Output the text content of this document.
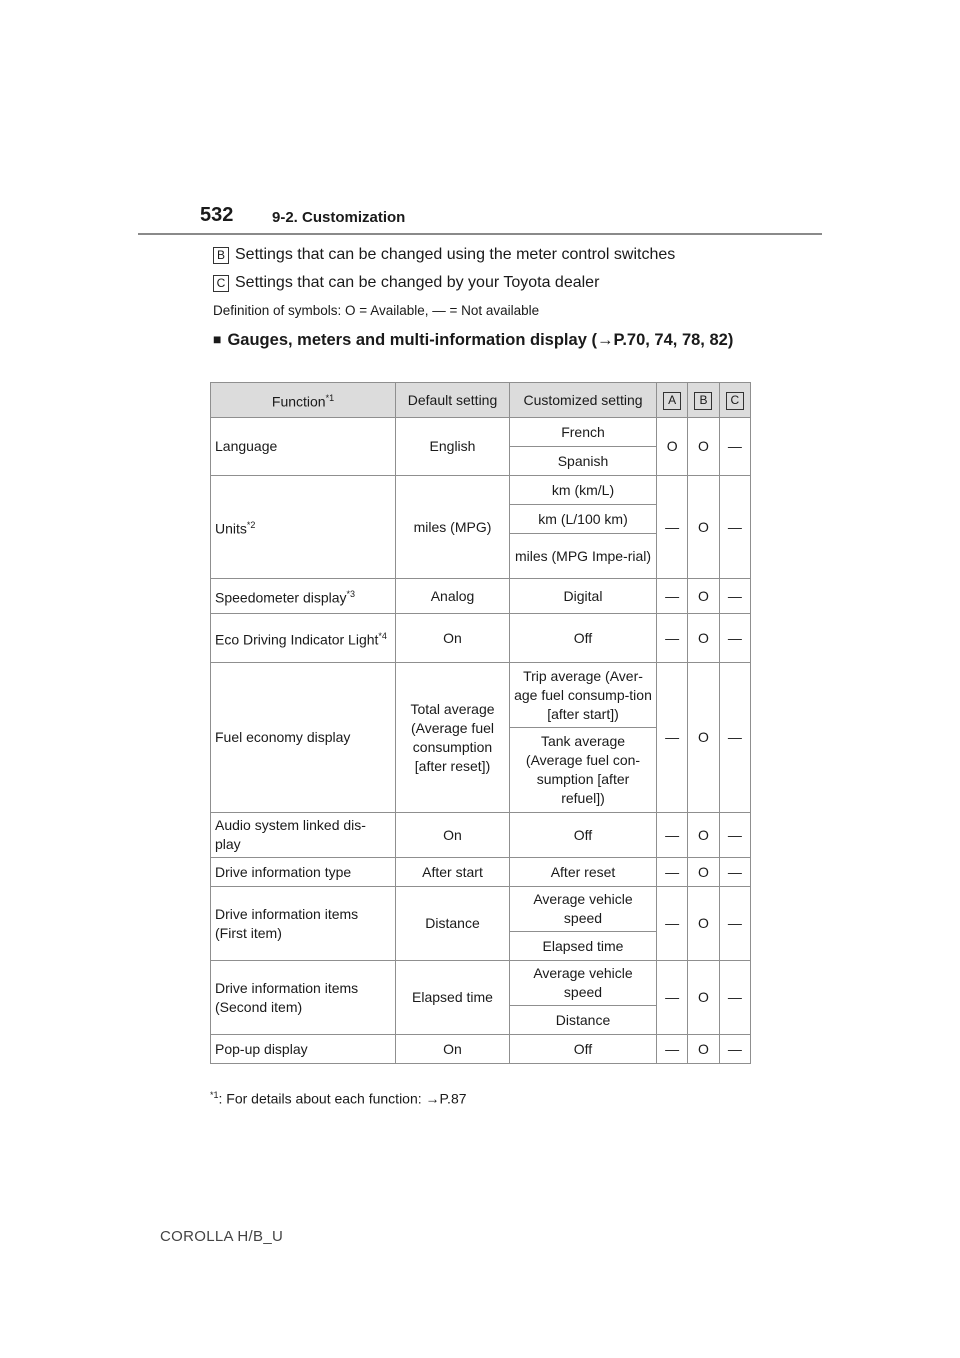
532	9-2. Customization
B Settings that can be changed using the meter control switches
C Settings that can be changed by your Toyota dealer
Definition of symbols: O = Available, — = Not available
■ Gauges, meters and multi-information display (→P.70, 74, 78, 82)
Function$^{*1}$	Default setting	Customized setting	A	B	C
Language	English	French	O	O	—
		Spanish			
Units$^{*2}$	miles (MPG)	km (km/L)	—	O	—
		km (L/100 km)			
		miles (MPG Impe-rial)			
Speedometer display$^{*3}$	Analog	Digital	—	O	—
Eco Driving Indicator Light$^{*4}$	On	Off	—	O	—
Fuel economy display	Total average (Average fuel consumption [after reset])	Trip average (Aver-age fuel consump-tion [after start])	—	O	—
		Tank average (Average fuel con-sumption [after refuel])			
Audio system linked dis-play	On	Off	—	O	—
Drive information type	After start	After reset	—	O	—
Drive information items (First item)	Distance	Average vehicle speed	—	O	—
		Elapsed time			
Drive information items (Second item)	Elapsed time	Average vehicle speed	—	O	—
		Distance			
Pop-up display	On	Off	—	O	—
$^{*1}$: For details about each function: →P.87
COROLLA H/B_U
